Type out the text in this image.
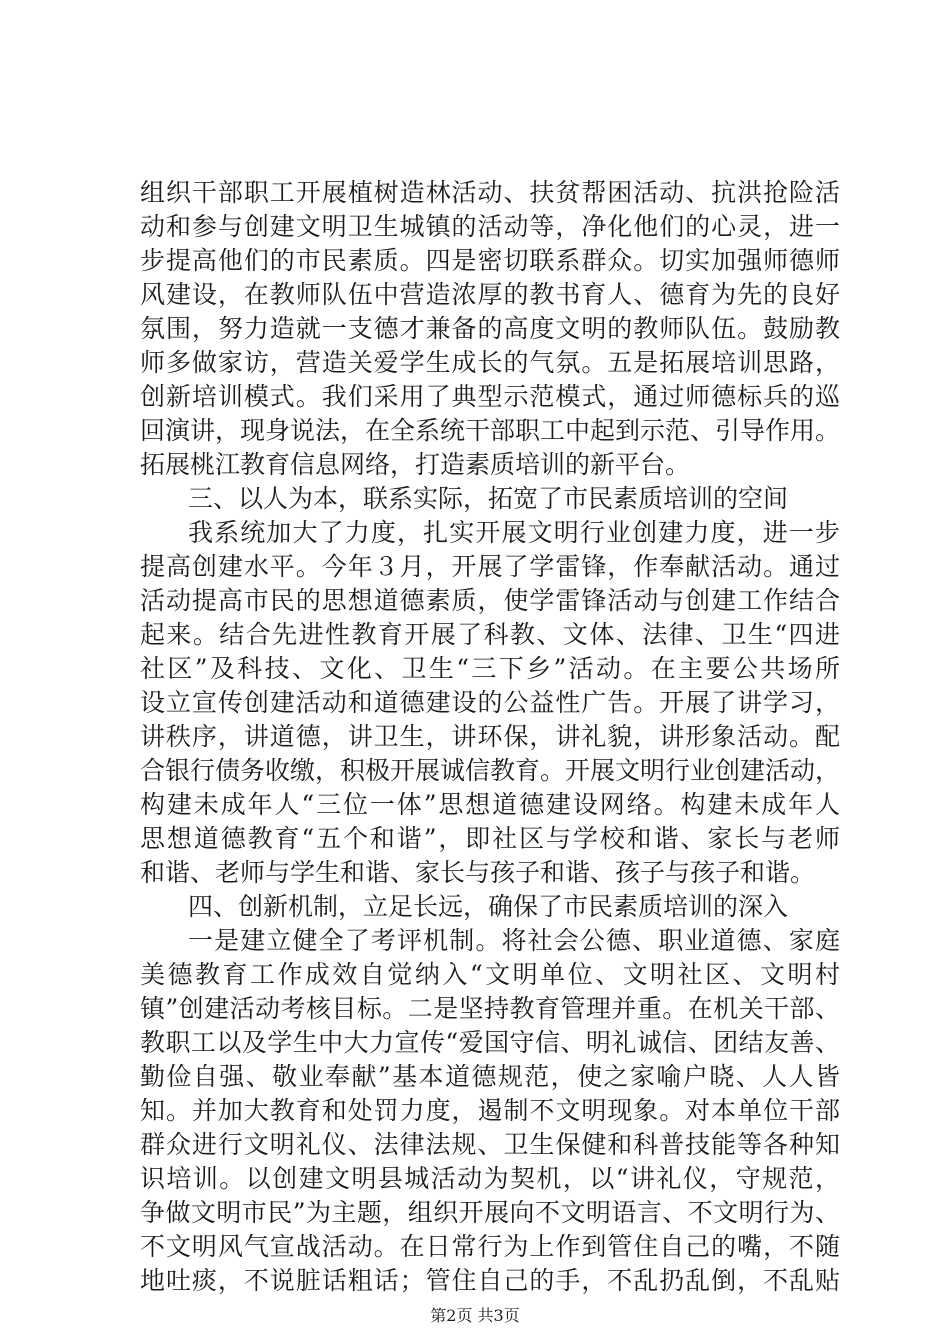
组织干部职工开展植树造林活动、扶贫帮困活动、抗洪抢险活
动和参与创建文明卫生城镇的活动等，净化他们的心灵，进一
步提高他们的市民素质。四是密切联系群众。切实加强师德师
风建设，在教师队伍中营造浓厚的教书育人、德育为先的良好
氛围，努力造就一支德才兼备的高度文明的教师队伍。鼓励教
师多做家访，营造关爱学生成长的气氛。五是拓展培训思路，
创新培训模式。我们采用了典型示范模式，通过师德标兵的巡
回演讲，现身说法，在全系统干部职工中起到示范、引导作用。
拓展桃江教育信息网络，打造素质培训的新平台。
三、以人为本，联系实际，拓宽了市民素质培训的空间
我系统加大了力度，扎实开展文明行业创建力度，进一步
提高创建水平。今年３月，开展了学雷锋，作奉献活动。通过
活动提高市民的思想道德素质，使学雷锋活动与创建工作结合
起来。结合先进性教育开展了科教、文体、法律、卫生“四进
社区”及科技、文化、卫生“三下乡”活动。在主要公共场所
设立宣传创建活动和道德建设的公益性广告。开展了讲学习，
讲秩序，讲道德，讲卫生，讲环保，讲礼貌，讲形象活动。配
合银行债务收缴，积极开展诚信教育。开展文明行业创建活动，
构建未成年人“三位一体”思想道德建设网络。构建未成年人
思想道德教育“五个和谐”，即社区与学校和谐、家长与老师
和谐、老师与学生和谐、家长与孩子和谐、孩子与孩子和谐。
四、创新机制，立足长远，确保了市民素质培训的深入
一是建立健全了考评机制。将社会公德、职业道德、家庭
美德教育工作成效自觉纳入“文明单位、文明社区、文明村
镇”创建活动考核目标。二是坚持教育管理并重。在机关干部、
教职工以及学生中大力宣传“爱国守信、明礼诚信、团结友善、
勤俭自强、敬业奉献”基本道德规范，使之家喻户晓、人人皆
知。并加大教育和处罚力度，遏制不文明现象。对本单位干部
群众进行文明礼仪、法律法规、卫生保健和科普技能等各种知
识培训。以创建文明县城活动为契机，以“讲礼仪，守规范，
争做文明市民”为主题，组织开展向不文明语言、不文明行为、
不文明风气宣战活动。在日常行为上作到管住自己的嘴，不随
地吐痰，不说脏话粗话；管住自己的手，不乱扔乱倒，不乱贴
第2页 共3页
